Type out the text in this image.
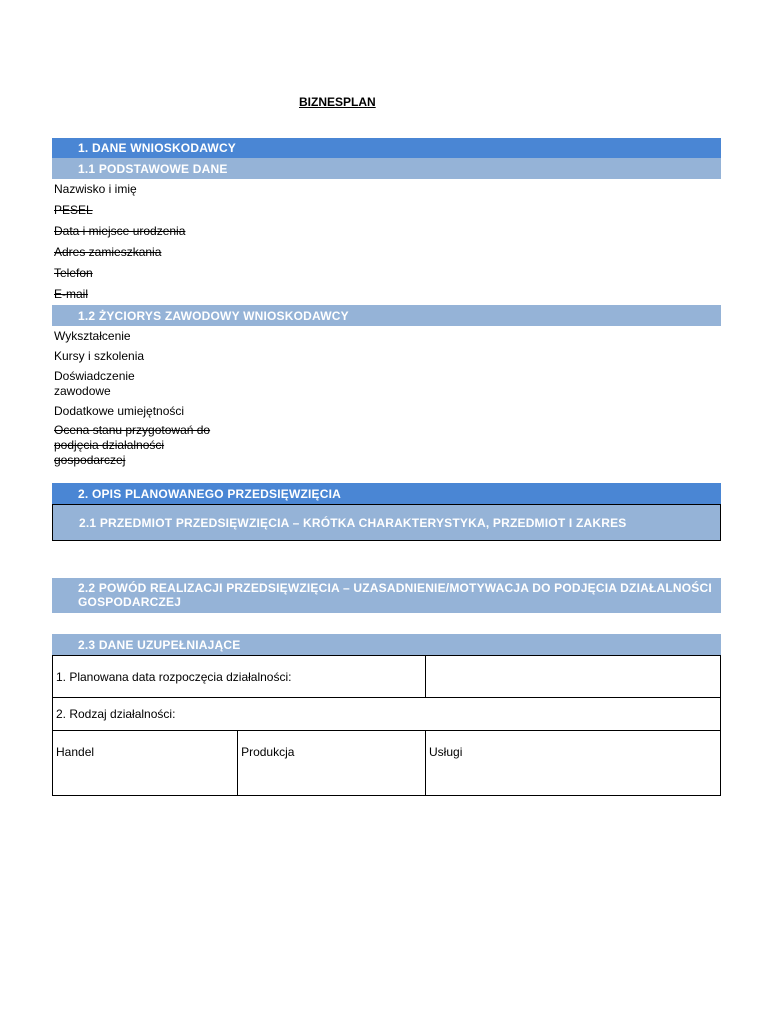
BIZNESPLAN
1. DANE WNIOSKODAWCY
1.1 PODSTAWOWE DANE
Nazwisko i imię
PESEL
Data i miejsce urodzenia
Adres zamieszkania
Telefon
E-mail
1.2 ŻYCIORYS ZAWODOWY WNIOSKODAWCY
Wykształcenie
Kursy i szkolenia
Doświadczenie zawodowe
Dodatkowe umiejętności
Ocena stanu przygotowań do podjęcia działalności gospodarczej
2. OPIS PLANOWANEGO PRZEDSIĘWZIĘCIA
2.1 PRZEDMIOT PRZEDSIĘWZIĘCIA – KRÓTKA CHARAKTERYSTYKA, PRZEDMIOT I ZAKRES
2.2 POWÓD REALIZACJI PRZEDSIĘWZIĘCIA – UZASADNIENIE/MOTYWACJA DO PODJĘCIA DZIAŁALNOŚCI GOSPODARCZEJ
2.3 DANE UZUPEŁNIAJĄCE
1. Planowana data rozpoczęcia działalności:		
2. Rodzaj działalności:		
Handel	Produkcja	Usługi
